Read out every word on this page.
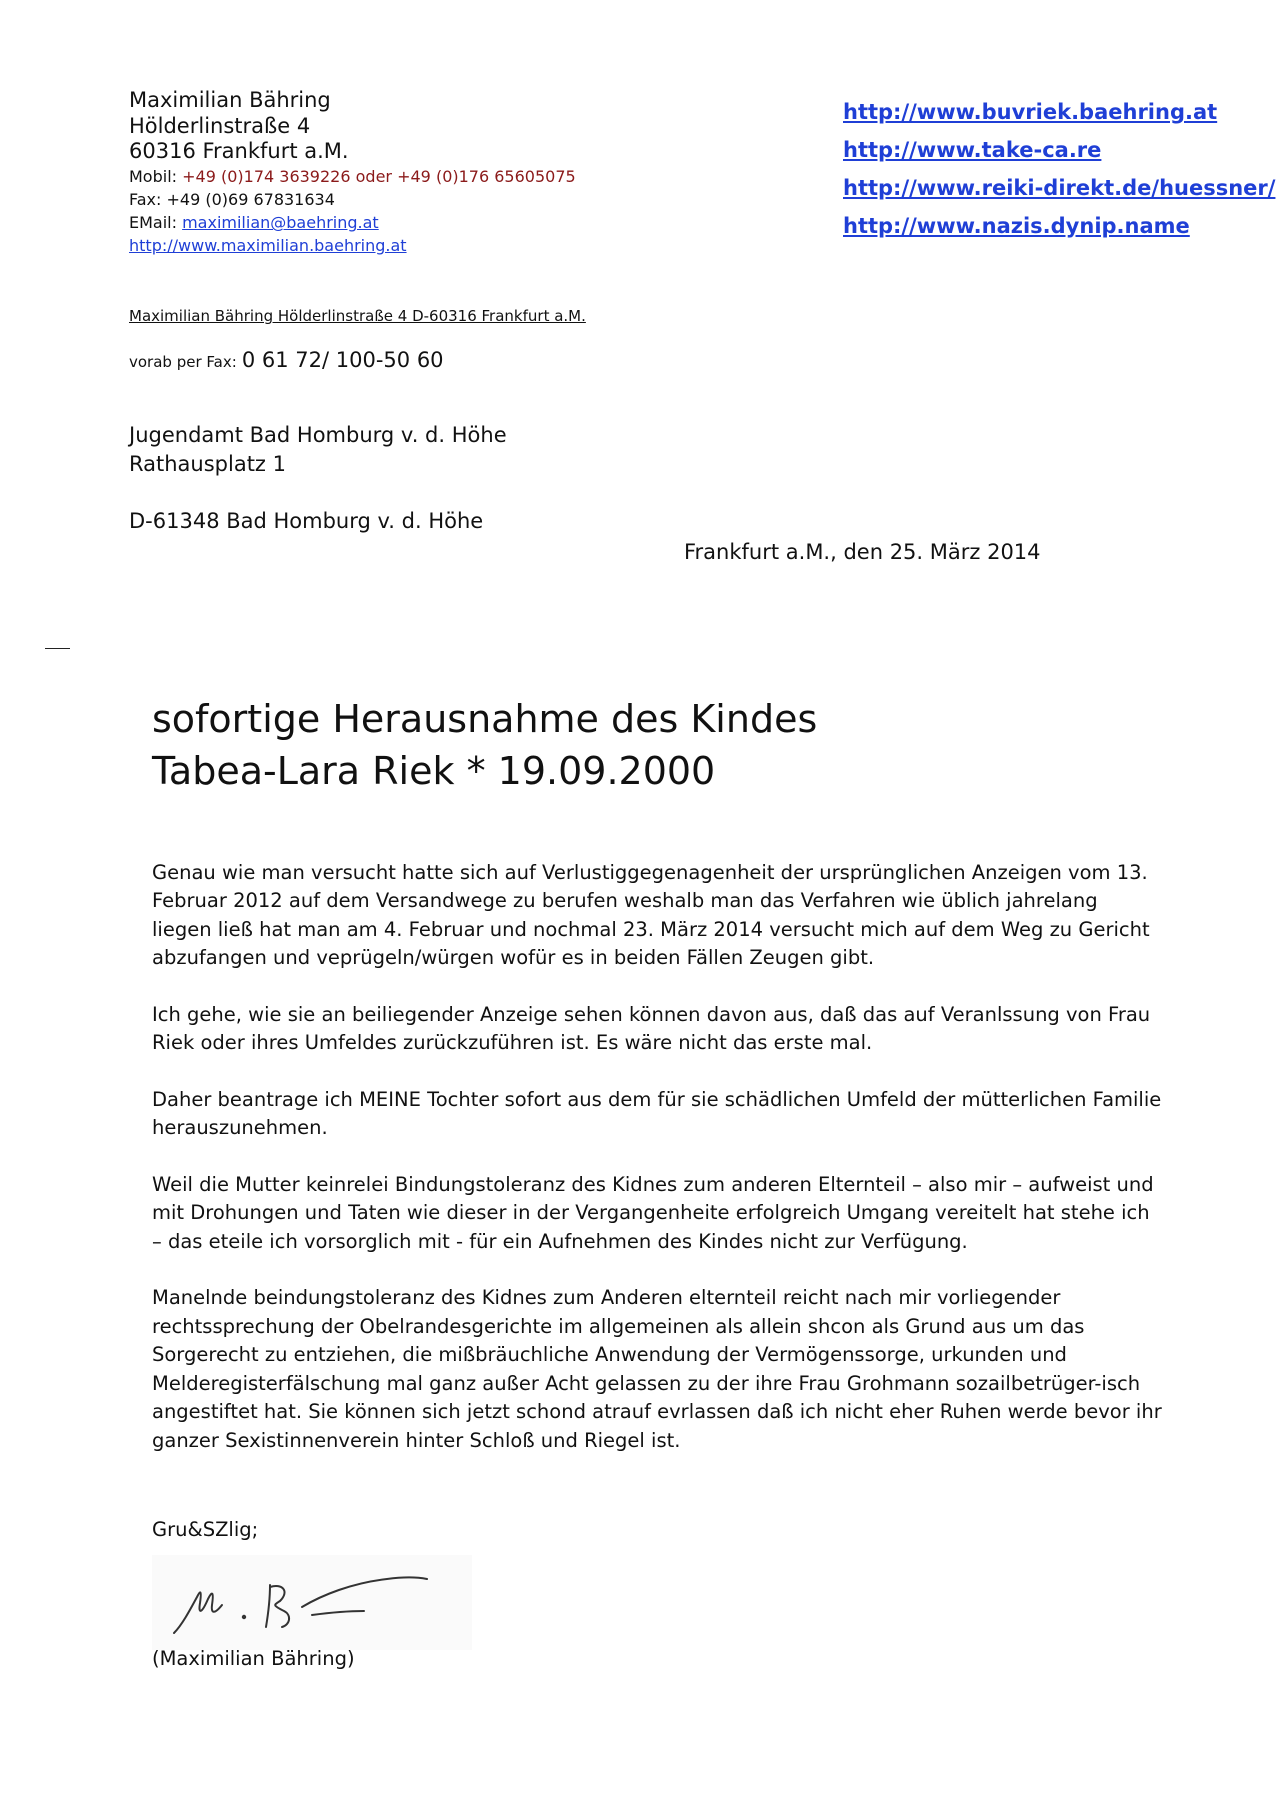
Maximilian Bähring
Hölderlinstraße 4
60316 Frankfurt a.M.
Mobil: +49 (0)174 3639226 oder +49 (0)176 65605075
Fax: +49 (0)69 67831634
EMail: maximilian@baehring.at
http://www.maximilian.baehring.at
http://www.buvriek.baehring.at
http://www.take-ca.re
http://www.reiki-direkt.de/huessner/
http://www.nazis.dynip.name
Maximilian Bähring Hölderlinstraße 4 D-60316 Frankfurt a.M.
vorab per Fax: 0 61 72/ 100-50 60
Jugendamt Bad Homburg v. d. Höhe
Rathausplatz 1
D-61348 Bad Homburg v. d. Höhe
Frankfurt a.M., den 25. März 2014
sofortige Herausnahme des Kindes
Tabea-Lara Riek * 19.09.2000

Genau wie man versucht hatte sich auf Verlustiggegenagenheit der ursprünglichen Anzeigen vom 13. Februar 2012 auf dem Versandwege zu berufen weshalb man das Verfahren wie üblich jahrelang liegen ließ hat man am 4. Februar und nochmal 23. März 2014 versucht mich auf dem Weg zu Gericht abzufangen und veprügeln/würgen wofür es in beiden Fällen Zeugen gibt.

Ich gehe, wie sie an beiliegender Anzeige sehen können davon aus, daß das auf Veranlssung von Frau Riek oder ihres Umfeldes zurückzuführen ist. Es wäre nicht das erste mal.

Daher beantrage ich MEINE Tochter sofort aus dem für sie schädlichen Umfeld der mütterlichen Familie herauszunehmen.

Weil die Mutter keinrelei Bindungstoleranz des Kidnes zum anderen Elternteil – also mir – aufweist und mit Drohungen und Taten wie dieser in der Vergangenheite erfolgreich Umgang vereitelt hat stehe ich – das eteile ich vorsorglich mit - für ein Aufnehmen des Kindes nicht zur Verfügung.

Manelnde beindungstoleranz des Kidnes zum Anderen elternteil reicht nach mir vorliegender rechtssprechung der Obelrandesgerichte im allgemeinen als allein shcon als Grund aus um das Sorgerecht zu entziehen, die mißbräuchliche Anwendung der Vermögenssorge, urkunden und Melderegisterfälschung mal ganz außer Acht gelassen zu der ihre Frau Grohmann sozailbetrüger-isch angestiftet hat. Sie können sich jetzt schond atrauf evrlassen daß ich nicht eher Ruhen werde bevor ihr ganzer Sexistinnenverein hinter Schloß und Riegel ist.

Gru&SZlig;
(Maximilian Bähring)
